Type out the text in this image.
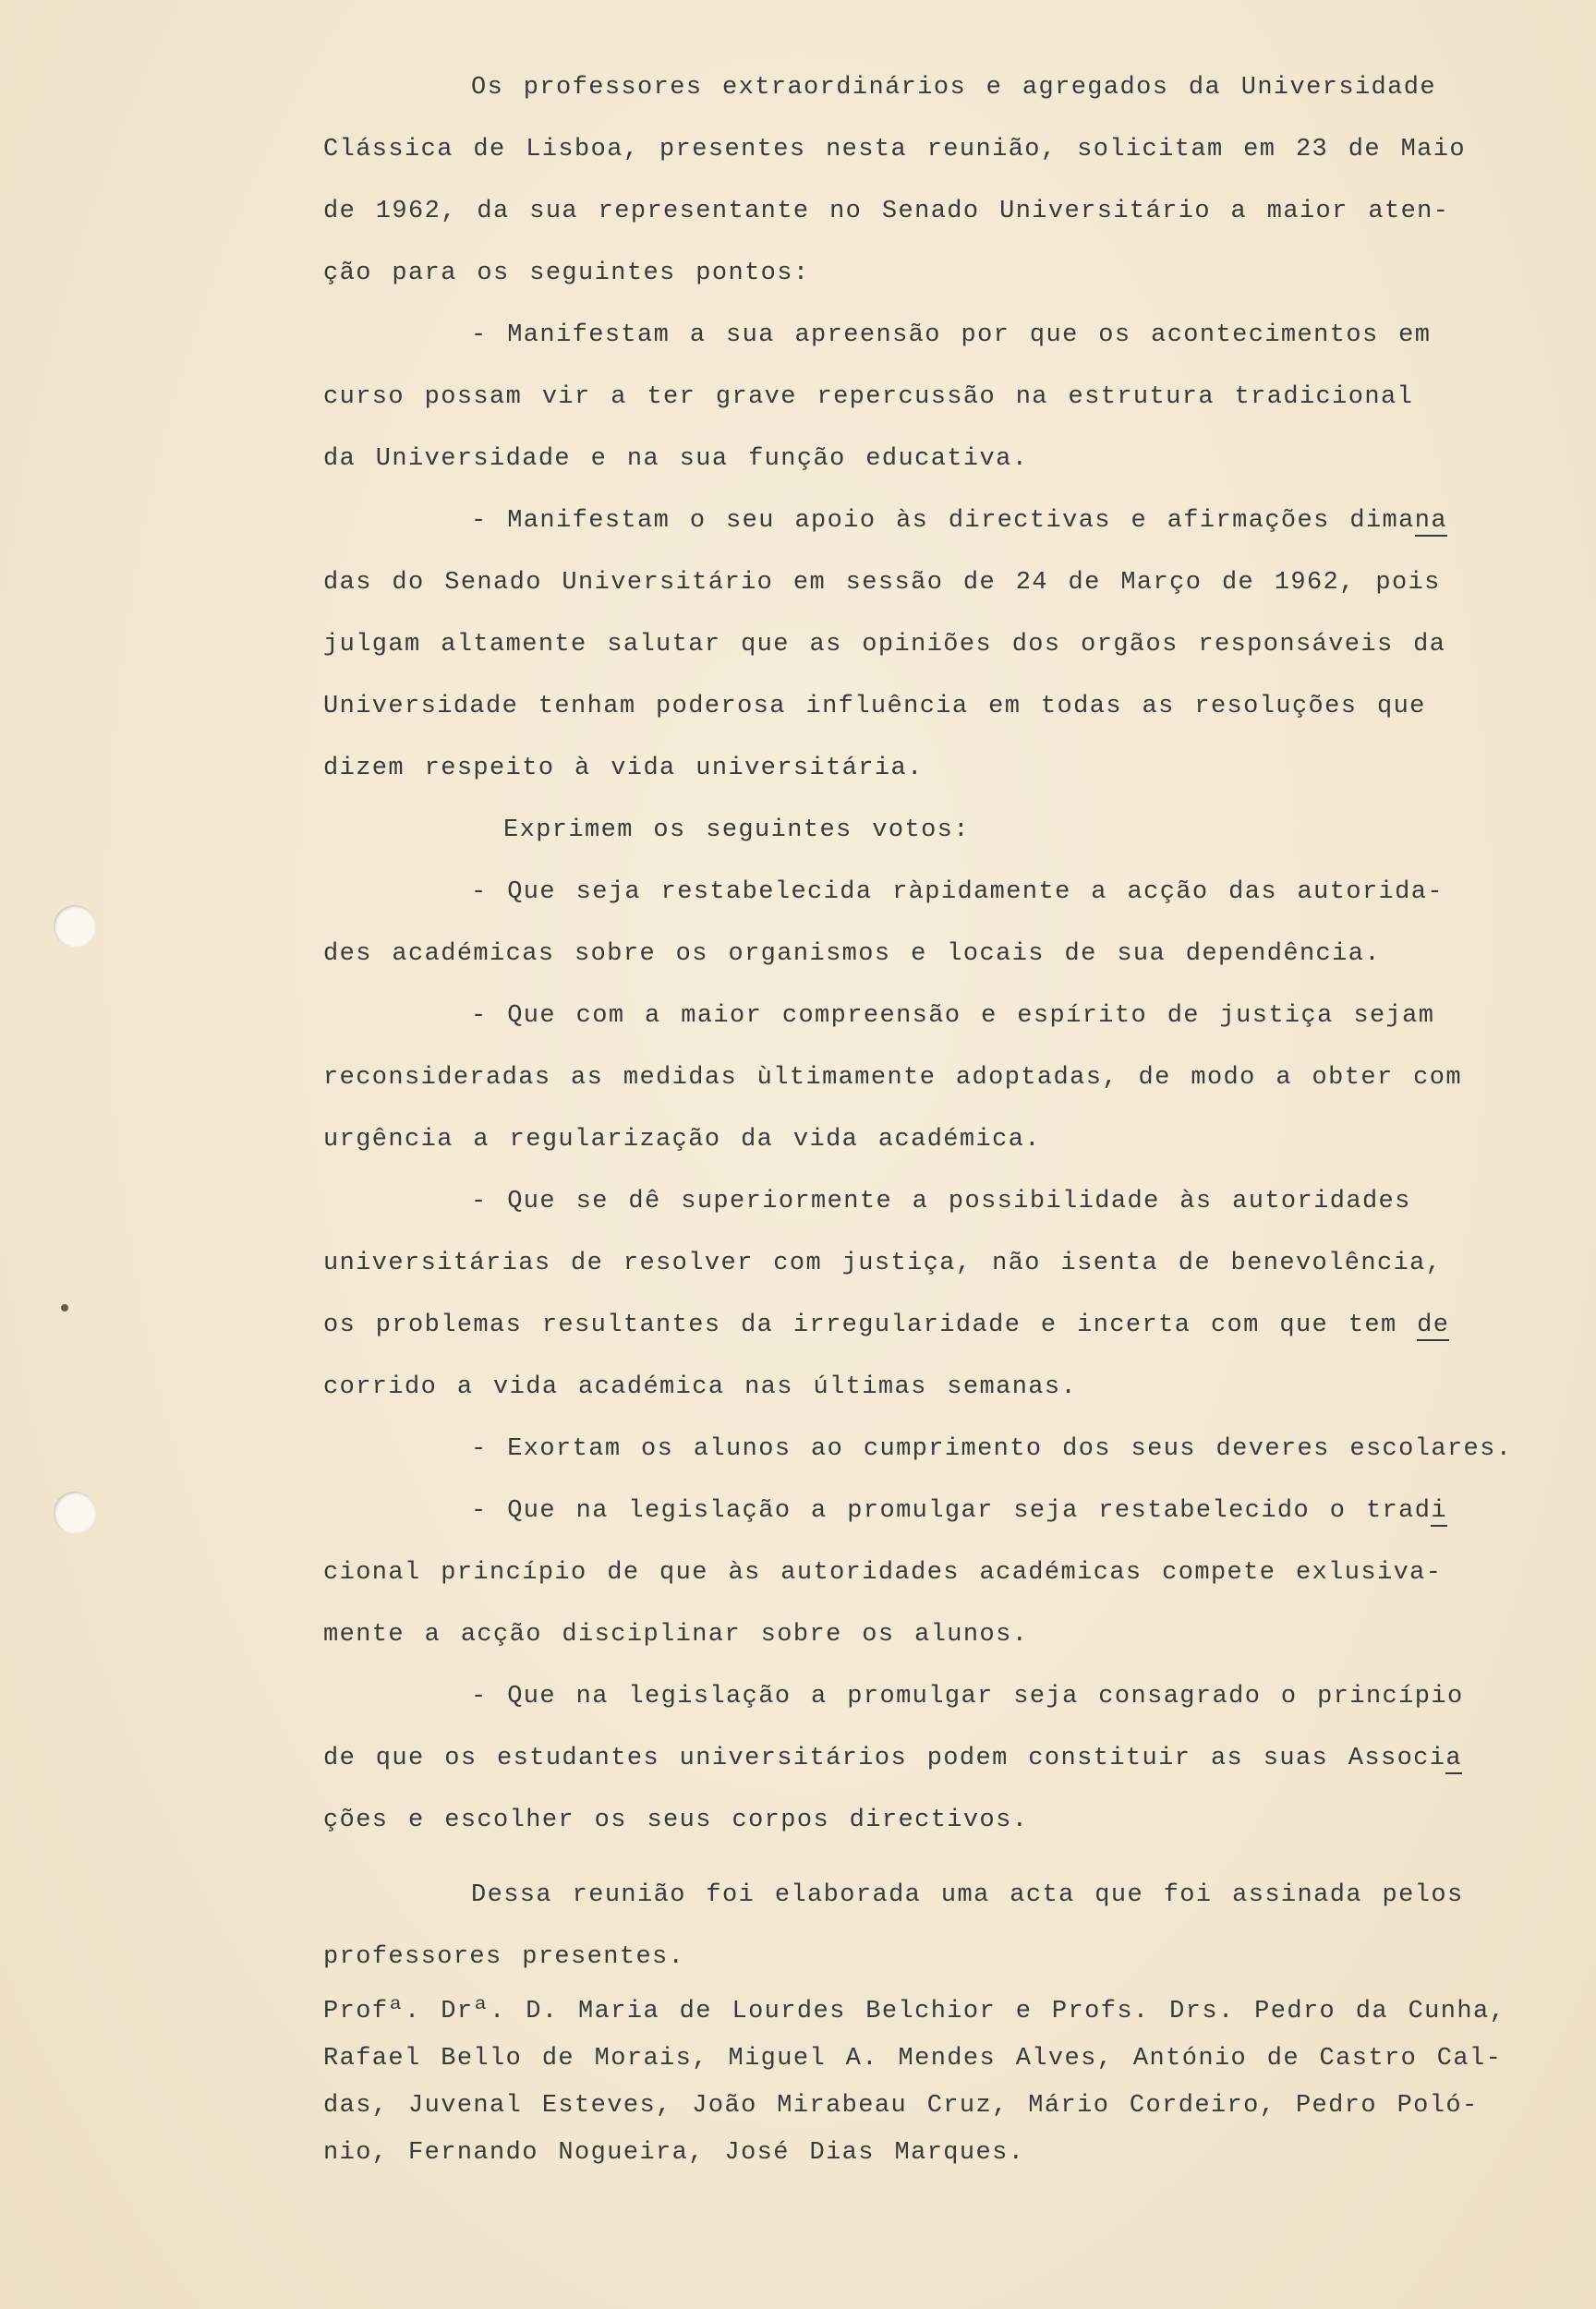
Os professores extraordinários e agregados da Universidade
Clássica de Lisboa, presentes nesta reunião, solicitam em 23 de Maio
de 1962, da sua representante no Senado Universitário a maior aten-
ção para os seguintes pontos:
- Manifestam a sua apreensão por que os acontecimentos em
curso possam vir a ter grave repercussão na estrutura tradicional
da Universidade e na sua função educativa.
- Manifestam o seu apoio às directivas e afirmações dimana
das do Senado Universitário em sessão de 24 de Março de 1962, pois
julgam altamente salutar que as opiniões dos orgãos responsáveis da
Universidade tenham poderosa influência em todas as resoluções que
dizem respeito à vida universitária.
Exprimem os seguintes votos:
- Que seja restabelecida ràpidamente a acção das autorida-
des académicas sobre os organismos e locais de sua dependência.
- Que com a maior compreensão e espírito de justiça sejam
reconsideradas as medidas ùltimamente adoptadas, de modo a obter com
urgência a regularização da vida académica.
- Que se dê superiormente a possibilidade às autoridades
universitárias de resolver com justiça, não isenta de benevolência,
os problemas resultantes da irregularidade e incerta com que tem de
corrido a vida académica nas últimas semanas.
- Exortam os alunos ao cumprimento dos seus deveres escolares.
- Que na legislação a promulgar seja restabelecido o tradi
cional princípio de que às autoridades académicas compete exlusiva-
mente a acção disciplinar sobre os alunos.
- Que na legislação a promulgar seja consagrado o princípio
de que os estudantes universitários podem constituir as suas Associa
ções e escolher os seus corpos directivos.
Dessa reunião foi elaborada uma acta que foi assinada pelos
professores presentes.
Profª. Drª. D. Maria de Lourdes Belchior e Profs. Drs. Pedro da Cunha,
Rafael Bello de Morais, Miguel A. Mendes Alves, António de Castro Cal-
das, Juvenal Esteves, João Mirabeau Cruz, Mário Cordeiro, Pedro Poló-
nio, Fernando Nogueira, José Dias Marques.
